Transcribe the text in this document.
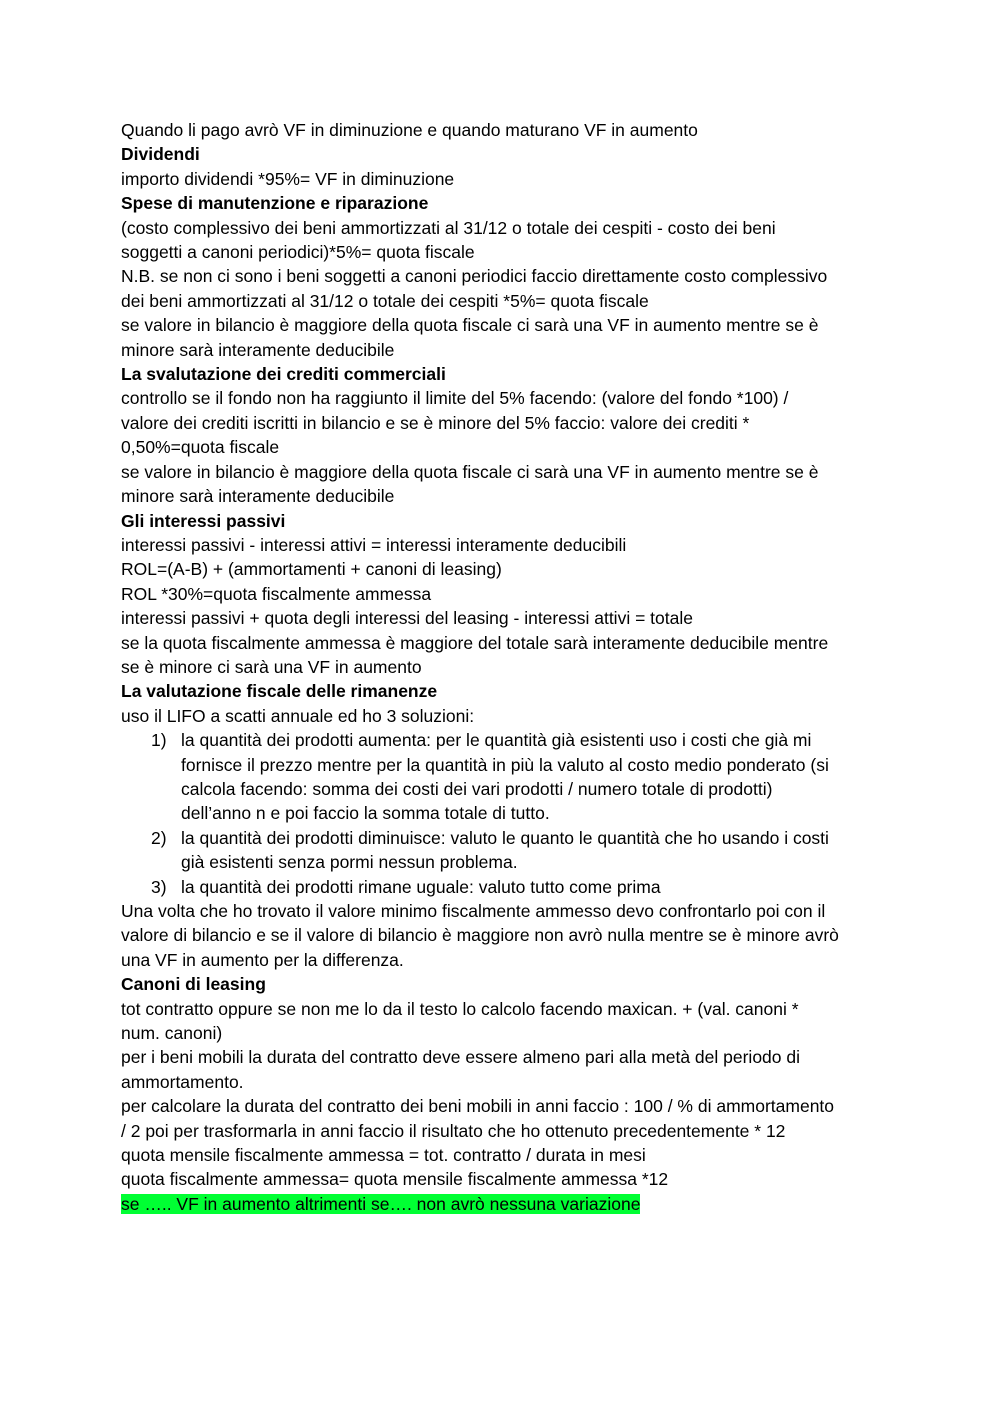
Quando li pago avrò VF in diminuzione e quando maturano VF in aumento
Dividendi
importo dividendi *95%= VF in diminuzione
Spese di manutenzione e riparazione
(costo complessivo dei beni ammortizzati al 31/12 o totale dei cespiti - costo dei beni
soggetti a canoni periodici)*5%= quota fiscale
N.B. se non ci sono i beni soggetti a canoni periodici faccio direttamente costo complessivo
dei beni ammortizzati al 31/12 o totale dei cespiti *5%= quota fiscale
se valore in bilancio è maggiore della quota fiscale ci sarà una VF in aumento mentre se è
minore sarà interamente deducibile
La svalutazione dei crediti commerciali
controllo se il fondo non ha raggiunto il limite del 5% facendo: (valore del fondo *100) /
valore dei crediti iscritti in bilancio e se è minore del 5% faccio: valore dei crediti *
0,50%=quota fiscale
se valore in bilancio è maggiore della quota fiscale ci sarà una VF in aumento mentre se è
minore sarà interamente deducibile
Gli interessi passivi
interessi passivi - interessi attivi = interessi interamente deducibili
ROL=(A-B) + (ammortamenti + canoni di leasing)
ROL *30%=quota fiscalmente ammessa
interessi passivi + quota degli interessi del leasing - interessi attivi = totale
se la quota fiscalmente ammessa è maggiore del totale sarà interamente deducibile mentre
se è minore ci sarà una VF in aumento
La valutazione fiscale delle rimanenze
uso il LIFO a scatti annuale ed ho 3 soluzioni:
1) la quantità dei prodotti aumenta: per le quantità già esistenti uso i costi che già mi
fornisce il prezzo mentre per la quantità in più la valuto al costo medio ponderato (si
calcola facendo: somma dei costi dei vari prodotti / numero totale di prodotti)
dell’anno n e poi faccio la somma totale di tutto.
2) la quantità dei prodotti diminuisce: valuto le quanto le quantità che ho usando i costi
già esistenti senza pormi nessun problema.
3) la quantità dei prodotti rimane uguale: valuto tutto come prima
Una volta che ho trovato il valore minimo fiscalmente ammesso devo confrontarlo poi con il
valore di bilancio e se il valore di bilancio è maggiore non avrò nulla mentre se è minore avrò
una VF in aumento per la differenza.
Canoni di leasing
tot contratto oppure se non me lo da il testo lo calcolo facendo maxican. + (val. canoni *
num. canoni)
per i beni mobili la durata del contratto deve essere almeno pari alla metà del periodo di
ammortamento.
per calcolare la durata del contratto dei beni mobili in anni faccio : 100 / % di ammortamento
/ 2 poi per trasformarla in anni faccio il risultato che ho ottenuto precedentemente * 12
quota mensile fiscalmente ammessa = tot. contratto / durata in mesi
quota fiscalmente ammessa= quota mensile fiscalmente ammessa *12
se ….. VF in aumento altrimenti se…. non avrò nessuna variazione
